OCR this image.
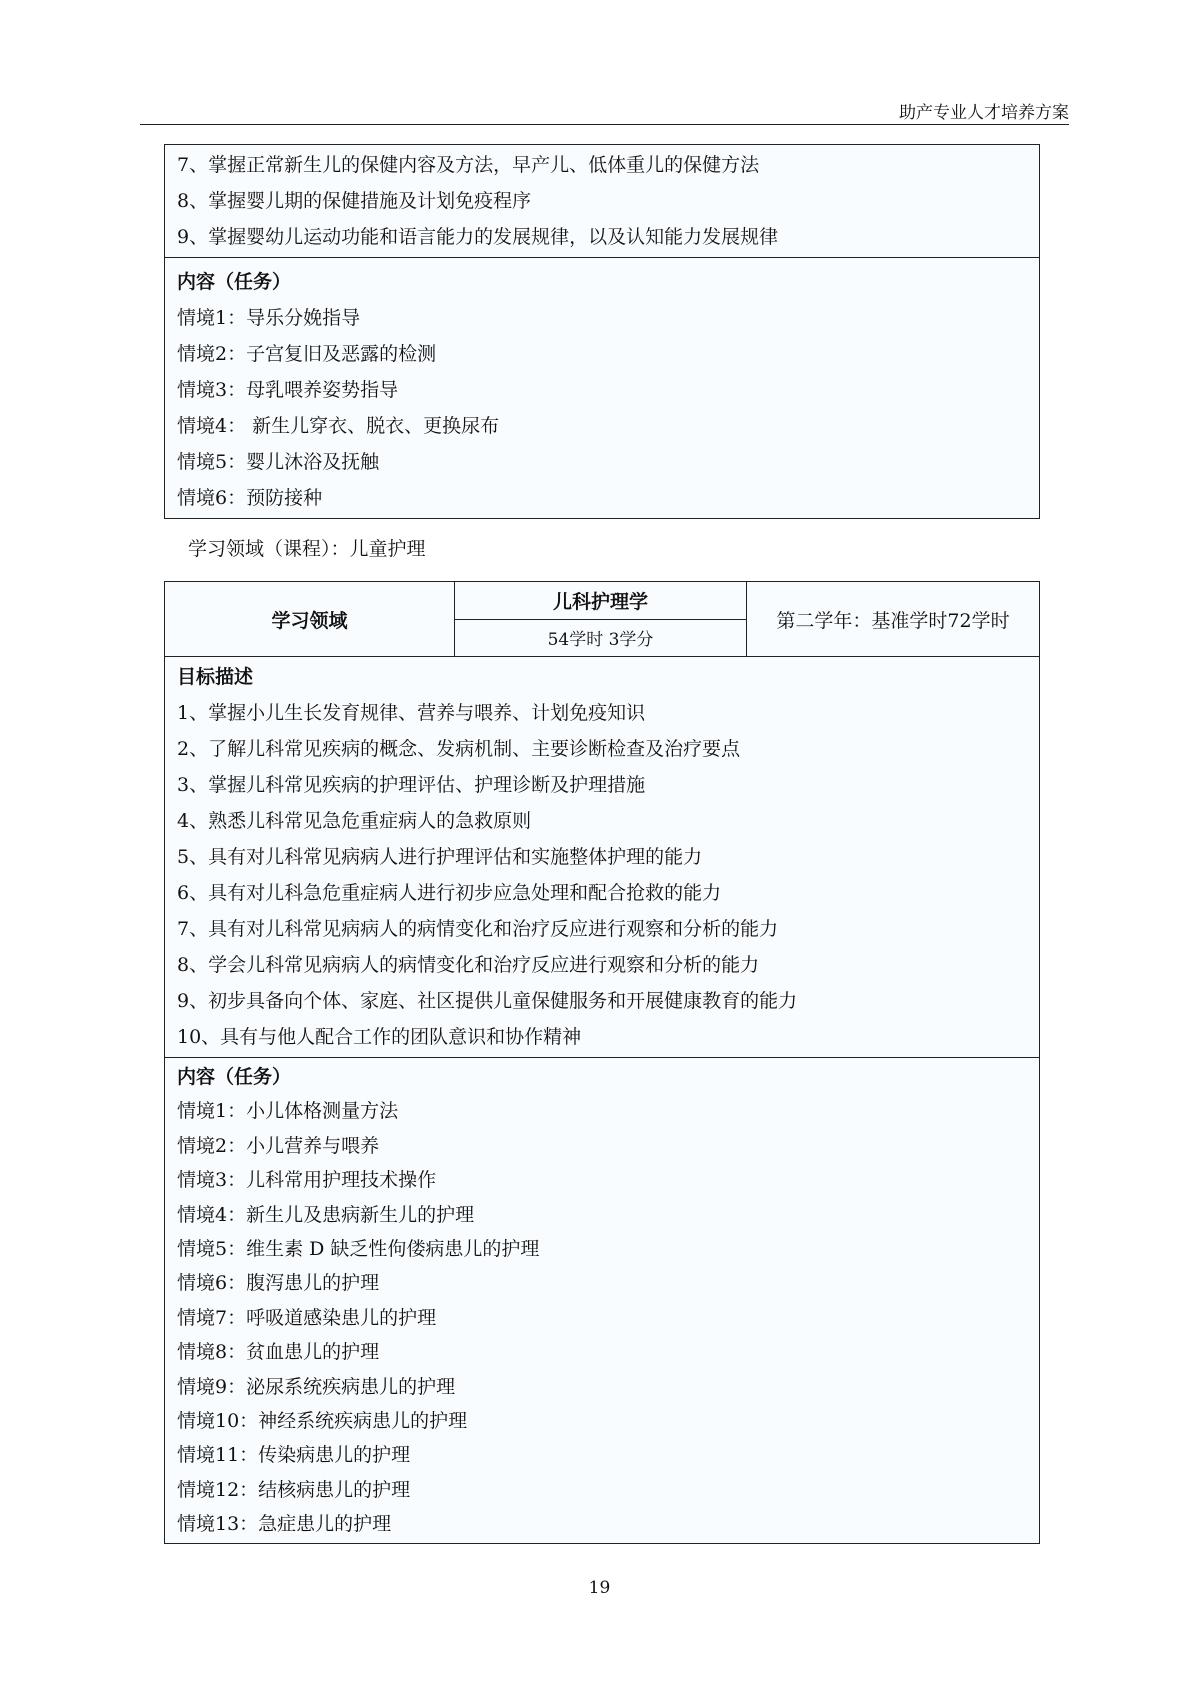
助产专业人才培养方案
7、掌握正常新生儿的保健内容及方法，早产儿、低体重儿的保健方法
8、掌握婴儿期的保健措施及计划免疫程序
9、掌握婴幼儿运动功能和语言能力的发展规律，以及认知能力发展规律
内容（任务）
情境1：导乐分娩指导
情境2：子宫复旧及恶露的检测
情境3：母乳喂养姿势指导
情境4： 新生儿穿衣、脱衣、更换尿布
情境5：婴儿沐浴及抚触
情境6：预防接种
学习领域（课程）：儿童护理
学习领域
儿科护理学
54学时 3学分
第二学年：基准学时72学时
目标描述
1、掌握小儿生长发育规律、营养与喂养、计划免疫知识
2、了解儿科常见疾病的概念、发病机制、主要诊断检查及治疗要点
3、掌握儿科常见疾病的护理评估、护理诊断及护理措施
4、熟悉儿科常见急危重症病人的急救原则
5、具有对儿科常见病病人进行护理评估和实施整体护理的能力
6、具有对儿科急危重症病人进行初步应急处理和配合抢救的能力
7、具有对儿科常见病病人的病情变化和治疗反应进行观察和分析的能力
8、学会儿科常见病病人的病情变化和治疗反应进行观察和分析的能力
9、初步具备向个体、家庭、社区提供儿童保健服务和开展健康教育的能力
10、具有与他人配合工作的团队意识和协作精神
内容（任务）
情境1：小儿体格测量方法
情境2：小儿营养与喂养
情境3：儿科常用护理技术操作
情境4：新生儿及患病新生儿的护理
情境5：维生素 D 缺乏性佝偻病患儿的护理
情境6：腹泻患儿的护理
情境7：呼吸道感染患儿的护理
情境8：贫血患儿的护理
情境9：泌尿系统疾病患儿的护理
情境10：神经系统疾病患儿的护理
情境11：传染病患儿的护理
情境12：结核病患儿的护理
情境13：急症患儿的护理
19
